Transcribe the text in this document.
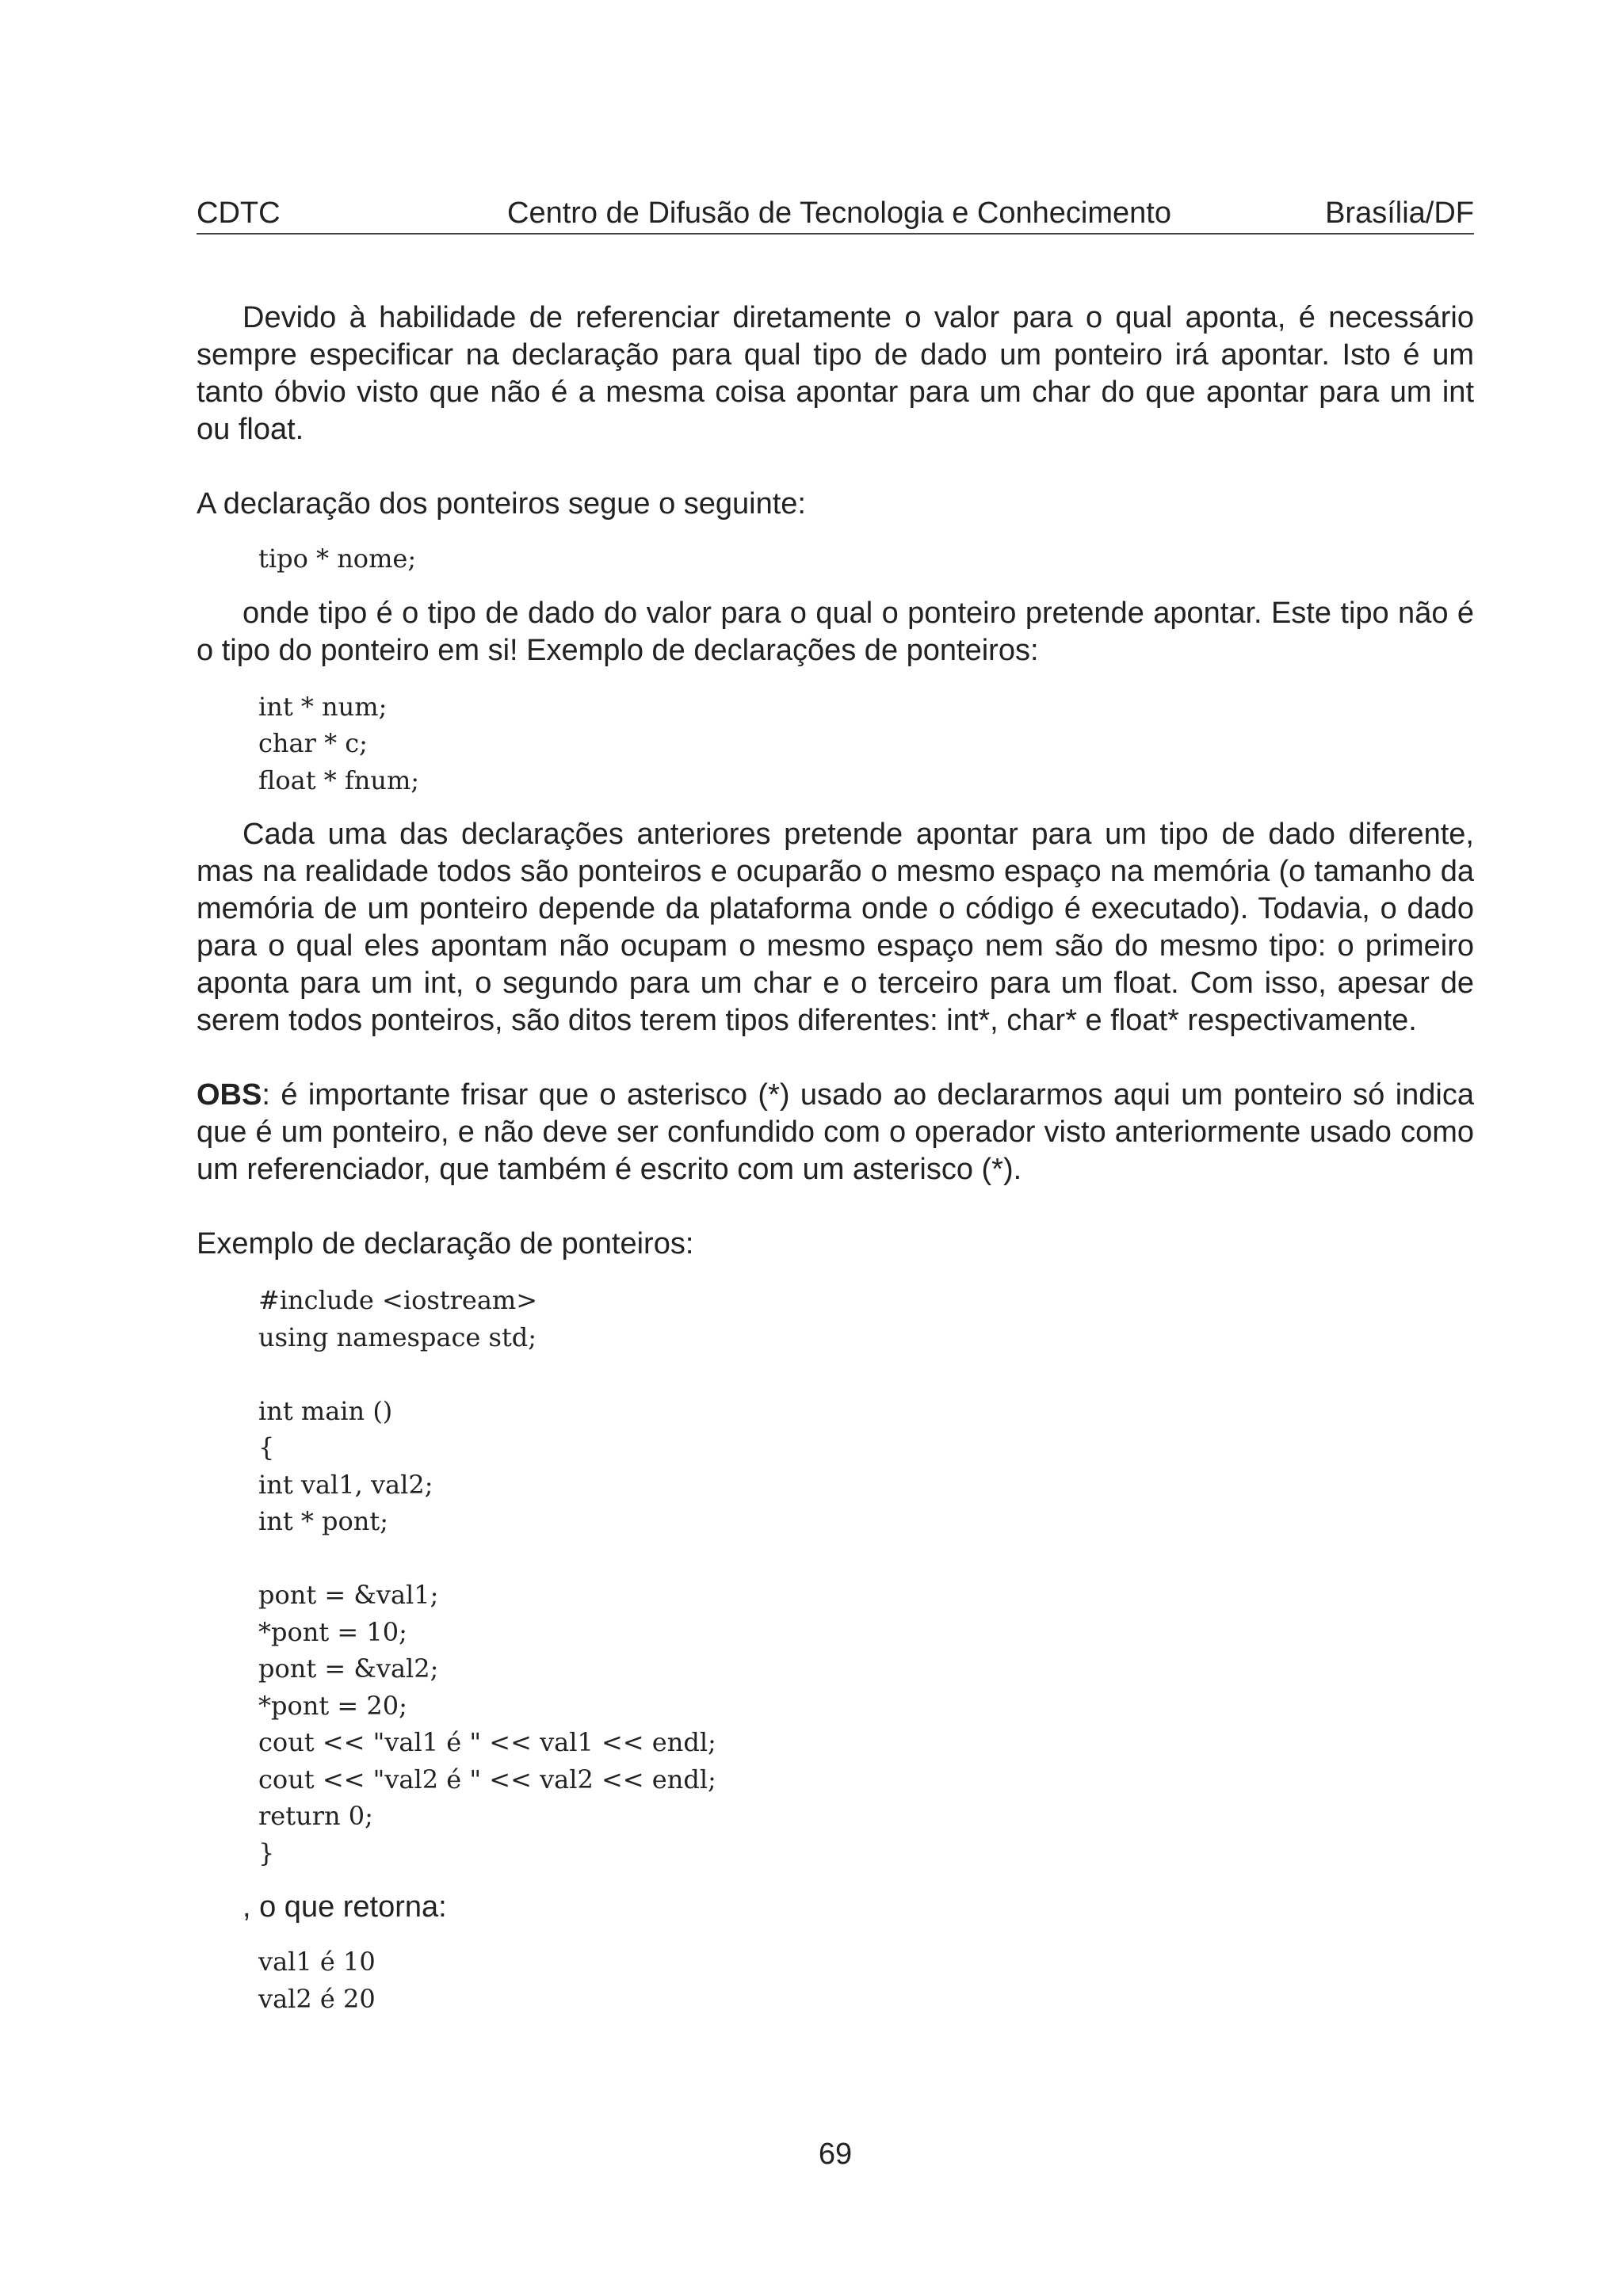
CDTC	Centro de Difusão de Tecnologia e Conhecimento	Brasília/DF

Devido à habilidade de referenciar diretamente o valor para o qual aponta, é necessário sempre especificar na declaração para qual tipo de dado um ponteiro irá apontar. Isto é um tanto óbvio visto que não é a mesma coisa apontar para um char do que apontar para um int ou float.

A declaração dos ponteiros segue o seguinte:

tipo * nome;

onde tipo é o tipo de dado do valor para o qual o ponteiro pretende apontar. Este tipo não é o tipo do ponteiro em si! Exemplo de declarações de ponteiros:

int * num;
char * c;
float * fnum;

Cada uma das declarações anteriores pretende apontar para um tipo de dado diferente, mas na realidade todos são ponteiros e ocuparão o mesmo espaço na memória (o tamanho da memória de um ponteiro depende da plataforma onde o código é executado). Todavia, o dado para o qual eles apontam não ocupam o mesmo espaço nem são do mesmo tipo: o primeiro aponta para um int, o segundo para um char e o terceiro para um float. Com isso, apesar de serem todos ponteiros, são ditos terem tipos diferentes: int*, char* e float* respectivamente.

OBS: é importante frisar que o asterisco (*) usado ao declararmos aqui um ponteiro só indica que é um ponteiro, e não deve ser confundido com o operador visto anteriormente usado como um referenciador, que também é escrito com um asterisco (*).

Exemplo de declaração de ponteiros:

#include <iostream>
using namespace std;
int main ()
{
int val1, val2;
int * pont;
pont = &val1;
*pont = 10;
pont = &val2;
*pont = 20;
cout << "val1 é " << val1 << endl;
cout << "val2 é " << val2 << endl;
return 0;
}

, o que retorna:

val1 é 10
val2 é 20
69
